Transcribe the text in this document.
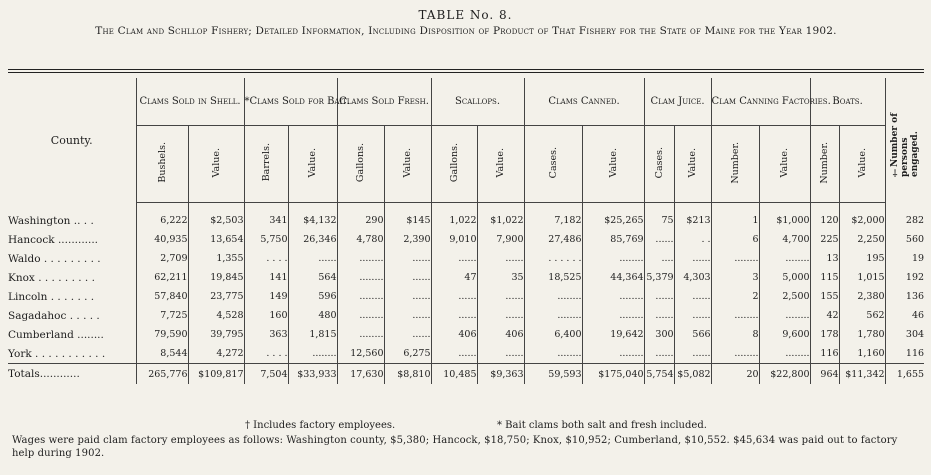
TABLE No. 8.
The Clam and Schllop Fishery; Detailed Information, Including Disposition of Product of That Fishery for the State of Maine for the Year 1902.
County.	Clams Sold in Shell.		*Clams Sold for Bait.		Clams Sold Fresh.		Scallops.		Clams Canned.		Clam Juice.		Clam Canning Factories.		Boats.		†Number of persons engaged.
	Bushels.	Value.	Barrels.	Value.	Gallons.	Value.	Gallons.	Value.	Cases.	Value.	Cases.	Value.	Number.	Value.	Number.	Value.	

Washington .. . .	6,222	$2,503	341	$4,132	290	$145	1,022	$1,022	7,182	$25,265	75	$213	1	$1,000	120	$2,000	282
Hancock ............	40,935	13,654	5,750	26,346	4,780	2,390	9,010	7,900	27,486	85,769	......	. .	6	4,700	225	2,250	560
Waldo . . . . . . . . .	2,709	1,355	. . . .	......	........	......	......	......	. . . . . .	........	....	......	........	........	13	195	19
Knox . . . . . . . . .	62,211	19,845	141	564	........	......	47	35	18,525	44,364	5,379	4,303	3	5,000	115	1,015	192
Lincoln . . . . . . .	57,840	23,775	149	596	........	......	......	......	........	........	......	......	2	2,500	155	2,380	136
Sagadahoc . . . . .	7,725	4,528	160	480	........	......	......	......	........	........	......	......	........	........	42	562	46
Cumberland ........	79,590	39,795	363	1,815	........	......	406	406	6,400	19,642	300	566	8	9,600	178	1,780	304
York . . . . . . . . . . .	8,544	4,272	. . . .	........	12,560	6,275	......	......	........	........	......	......	........	........	116	1,160	116
Totals............	265,776	$109,817	7,504	$33,933	17,630	$8,810	10,485	$9,363	59,593	$175,040	5,754	$5,082	20	$22,800	964	$11,342	1,655
† Includes factory employees.	* Bait clams both salt and fresh included.
Wages were paid clam factory employees as follows: Washington county, $5,380; Hancock, $18,750; Knox, $10,952; Cumberland, $10,552. $45,634 was paid out to factory help during 1902.
